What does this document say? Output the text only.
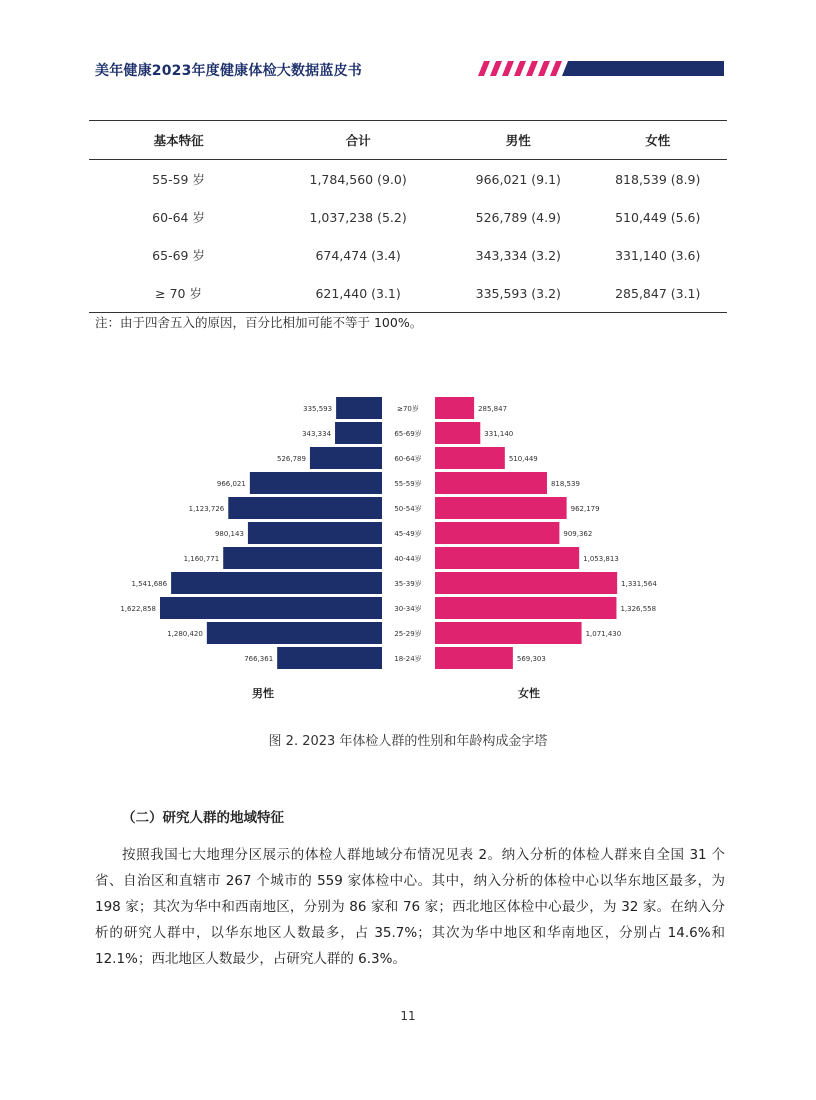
美年健康2023年度健康体检大数据蓝皮书
基本特征	合计	男性	女性
55-59 岁	1,784,560 (9.0)	966,021 (9.1)	818,539 (8.9)
60-64 岁	1,037,238 (5.2)	526,789 (4.9)	510,449 (5.6)
65-69 岁	674,474 (3.4)	343,334 (3.2)	331,140 (3.6)
≥ 70 岁	621,440 (3.1)	335,593 (3.2)	285,847 (3.1)
注：由于四舍五入的原因，百分比相加可能不等于 100%。
335,593	285,847
≥70岁
343,334	331,140
65-69岁
526,789	510,449
60-64岁
966,021	818,539
55-59岁
1,123,726	962,179
50-54岁
980,143	909,362
45-49岁
1,160,771	1,053,813
40-44岁
1,541,686	1,331,564
35-39岁
1,622,858	1,326,558
30-34岁
1,280,420	1,071,430
25-29岁
766,361	569,303
18-24岁
男性	女性
图 2. 2023 年体检人群的性别和年龄构成金字塔
（二）研究人群的地域特征

按照我国七大地理分区展示的体检人群地域分布情况见表 2。纳入分析的体检人群来自全国 31 个省、自治区和直辖市 267 个城市的 559 家体检中心。其中，纳入分析的体检中心以华东地区最多，为 198 家；其次为华中和西南地区，分别为 86 家和 76 家；西北地区体检中心最少，为 32 家。在纳入分析的研究人群中，以华东地区人数最多，占 35.7%；其次为华中地区和华南地区，分别占 14.6%和 12.1%；西北地区人数最少，占研究人群的 6.3%。

11
